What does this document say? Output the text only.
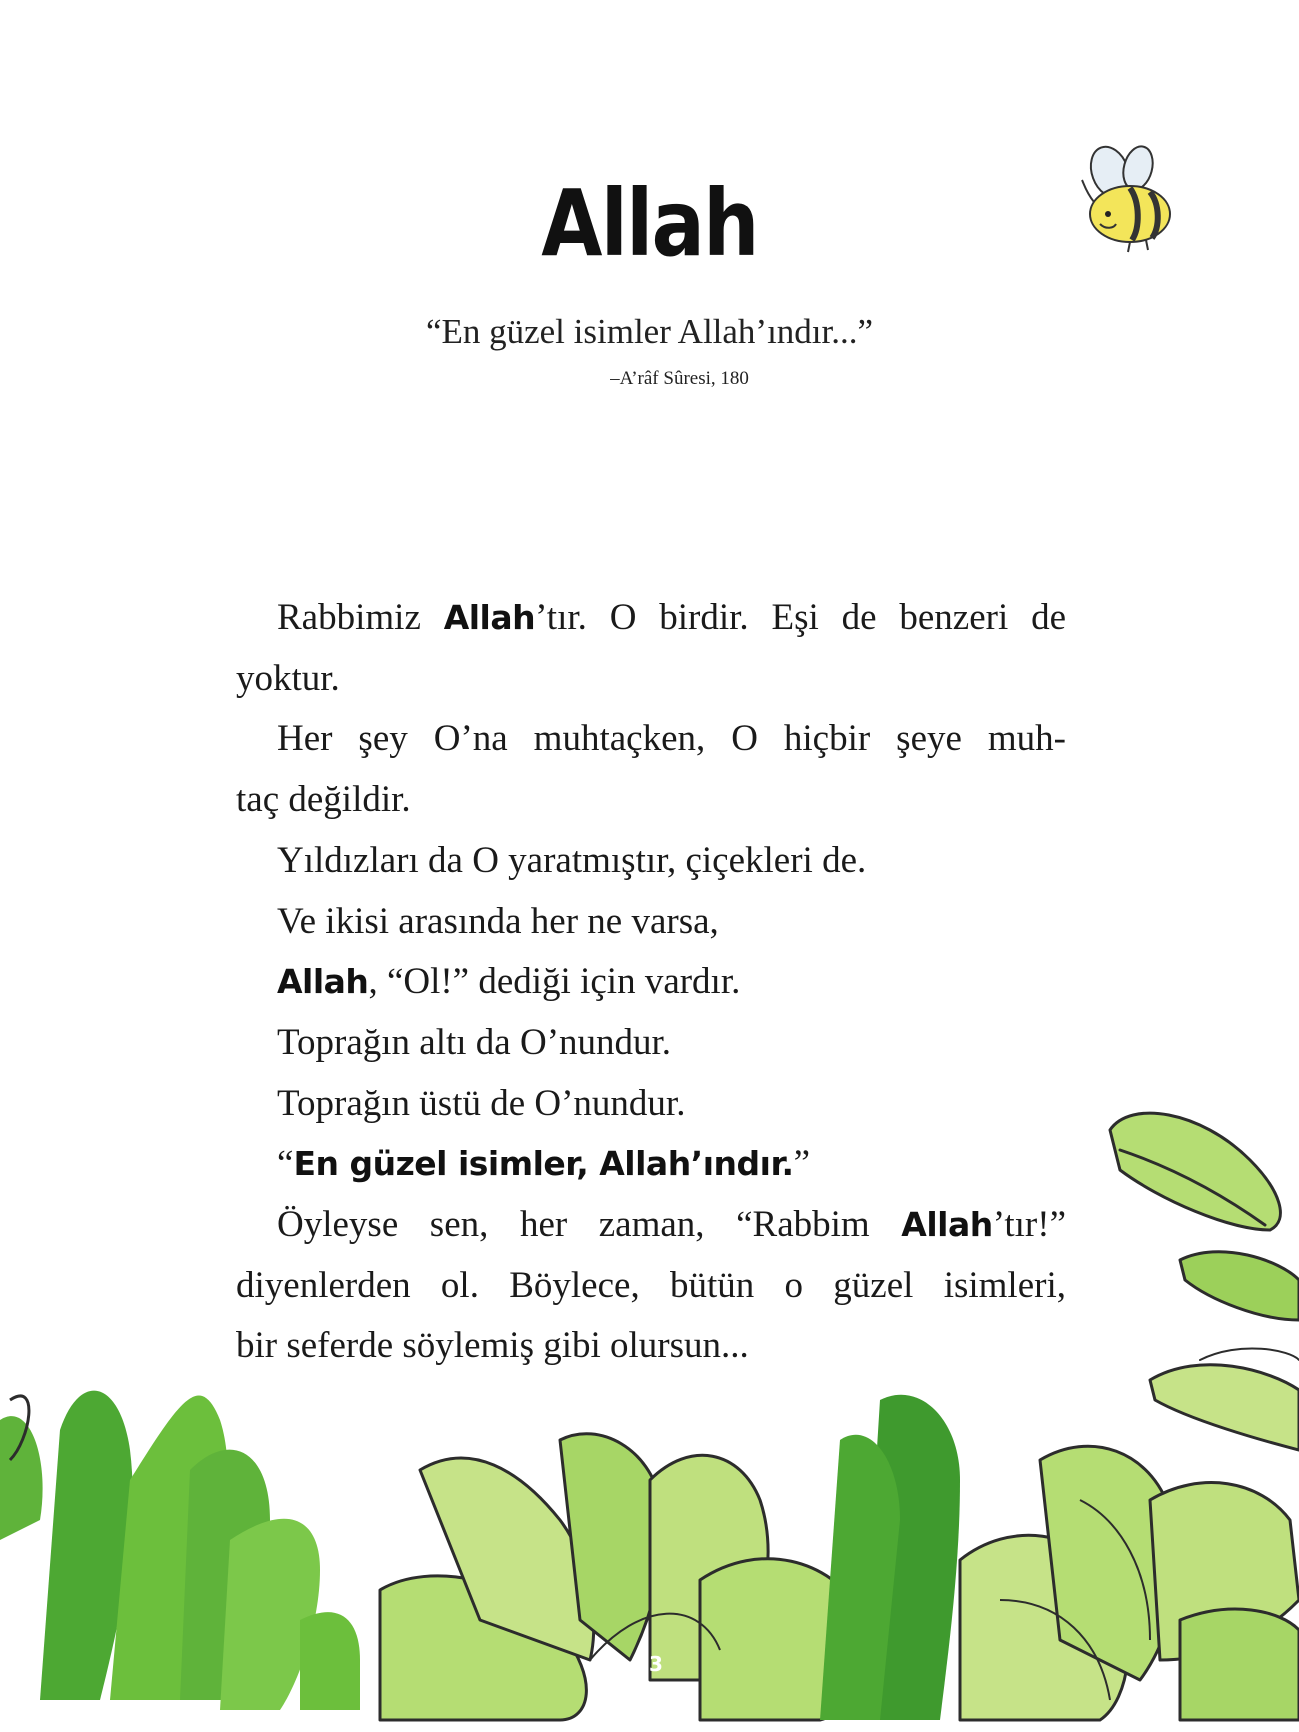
Allah
“En güzel isimler Allah’ındır...”
–A’râf Sûresi, 180
Rabbimiz Allah’tır. O birdir. Eşi de benzeri de
yoktur.
Her şey O’na muhtaçken, O hiçbir şeye muh-
taç değildir.
Yıldızları da O yaratmıştır, çiçekleri de.
Ve ikisi arasında her ne varsa,
Allah, “Ol!” dediği için vardır.
Toprağın altı da O’nundur.
Toprağın üstü de O’nundur.
“En güzel isimler, Allah’ındır.”
Öyleyse sen, her zaman, “Rabbim Allah’tır!”
diyenlerden ol. Böylece, bütün o güzel isimleri,
bir seferde söylemiş gibi olursun...
13
